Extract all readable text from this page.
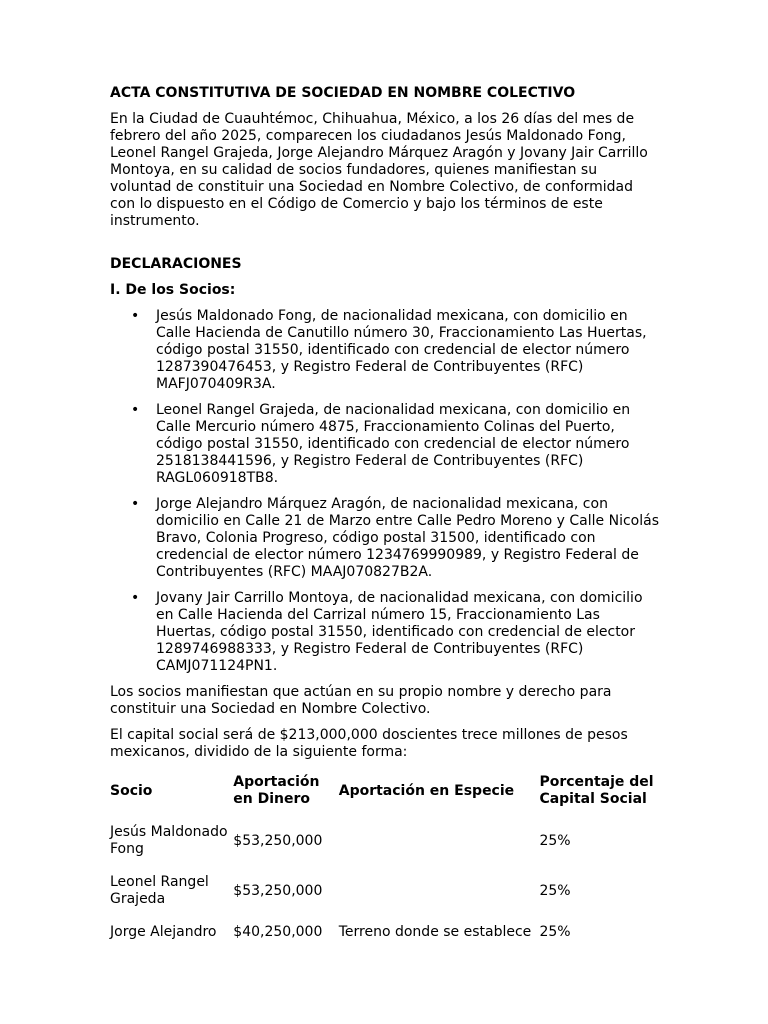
ACTA CONSTITUTIVA DE SOCIEDAD EN NOMBRE COLECTIVO

En la Ciudad de Cuauhtémoc, Chihuahua, México, a los 26 días del mes de febrero del año 2025, comparecen los ciudadanos Jesús Maldonado Fong, Leonel Rangel Grajeda, Jorge Alejandro Márquez Aragón y Jovany Jair Carrillo Montoya, en su calidad de socios fundadores, quienes manifiestan su voluntad de constituir una Sociedad en Nombre Colectivo, de conformidad con lo dispuesto en el Código de Comercio y bajo los términos de este instrumento.

DECLARACIONES
I. De los Socios:
• Jesús Maldonado Fong, de nacionalidad mexicana, con domicilio en Calle Hacienda de Canutillo número 30, Fraccionamiento Las Huertas, código postal 31550, identificado con credencial de elector número 1287390476453, y Registro Federal de Contribuyentes (RFC) MAFJ070409R3A.
• Leonel Rangel Grajeda, de nacionalidad mexicana, con domicilio en Calle Mercurio número 4875, Fraccionamiento Colinas del Puerto, código postal 31550, identificado con credencial de elector número 2518138441596, y Registro Federal de Contribuyentes (RFC) RAGL060918TB8.
• Jorge Alejandro Márquez Aragón, de nacionalidad mexicana, con domicilio en Calle 21 de Marzo entre Calle Pedro Moreno y Calle Nicolás Bravo, Colonia Progreso, código postal 31500, identificado con credencial de elector número 1234769990989, y Registro Federal de Contribuyentes (RFC) MAAJ070827B2A.
• Jovany Jair Carrillo Montoya, de nacionalidad mexicana, con domicilio en Calle Hacienda del Carrizal número 15, Fraccionamiento Las Huertas, código postal 31550, identificado con credencial de elector 1289746988333, y Registro Federal de Contribuyentes (RFC) CAMJ071124PN1.

Los socios manifiestan que actúan en su propio nombre y derecho para constituir una Sociedad en Nombre Colectivo.

El capital social será de $213,000,000 doscientes trece millones de pesos mexicanos, dividido de la siguiente forma:

Socio	Aportación en Dinero	Aportación en Especie	Porcentaje del Capital Social
Jesús Maldonado Fong	$53,250,000		25%
Leonel Rangel Grajeda	$53,250,000		25%
Jorge Alejandro	$40,250,000	Terreno donde se establece	25%
